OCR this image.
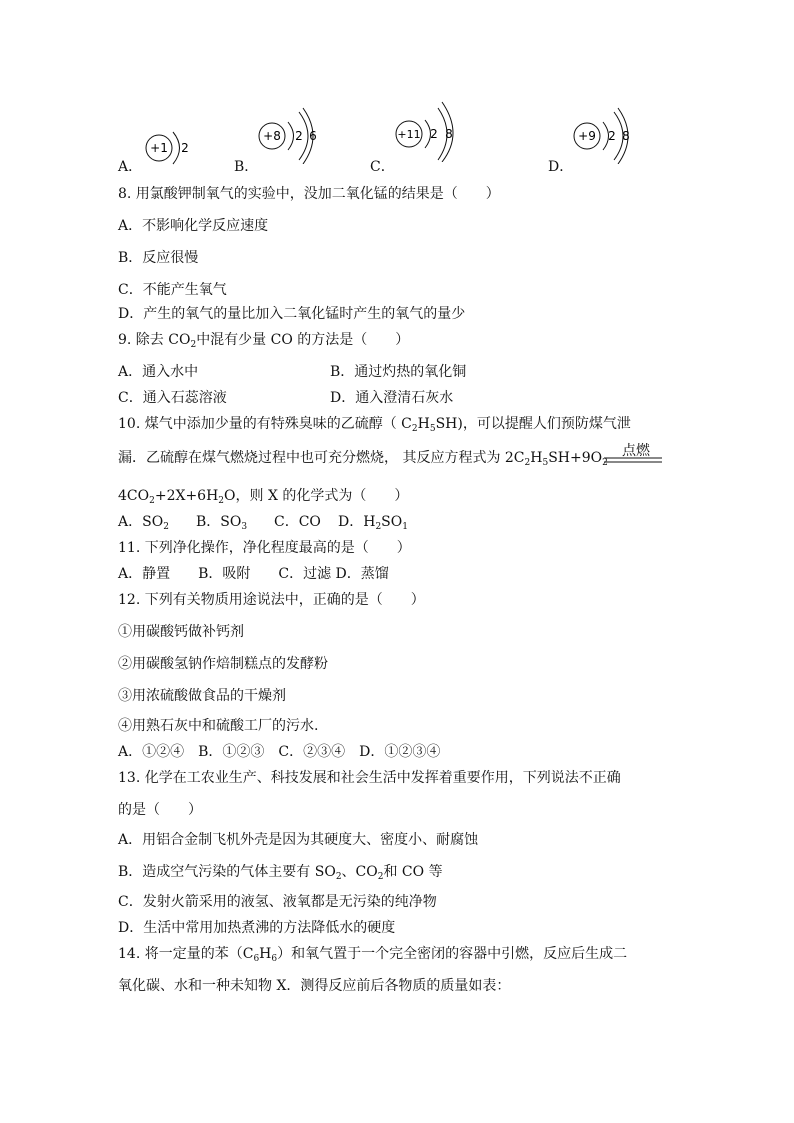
A．
+1 2
B．
+8 2 6
C．
+11 2 8
D．
+9 2 8
8. 用氯酸钾制氧气的实验中，没加二氧化锰的结果是（　　）
A．不影响化学反应速度
B．反应很慢
C．不能产生氧气
D．产生的氧气的量比加入二氧化锰时产生的氧气的量少
9. 除去 $CO_2$中混有少量 CO 的方法是（　　）
A．通入水中	B．通过灼热的氧化铜
C．通入石蕊溶液	D．通入澄清石灰水
10. 煤气中添加少量的有特殊臭味的乙硫醇（ $C_2H_5SH$)，可以提醒人们预防煤气泄
漏．乙硫醇在煤气燃烧过程中也可充分燃烧， 其反应方程式为 $2C_2H_5SH+9O_2$
点燃
$4CO_2+2X+6H_2O$，则 X 的化学式为（　　）
A．$SO_2$ B．$SO_3$ C．CO D．$H_2SO_1$
11. 下列净化操作，净化程度最高的是（　　）
A．静置　　B．吸附　　C．过滤 D．蒸馏
12. 下列有关物质用途说法中，正确的是（　　）
①用碳酸钙做补钙剂
②用碳酸氢钠作焙制糕点的发酵粉
③用浓硫酸做食品的干燥剂
④用熟石灰中和硫酸工厂的污水.
A．①②④　B．①②③　C．②③④　D．①②③④
13. 化学在工农业生产、科技发展和社会生活中发挥着重要作用，下列说法不正确
的是（　　）
A．用铝合金制飞机外壳是因为其硬度大、密度小、耐腐蚀
B．造成空气污染的气体主要有 $SO_2$、$CO_2$和 CO 等
C．发射火箭采用的液氢、液氧都是无污染的纯净物
D．生活中常用加热煮沸的方法降低水的硬度
14. 将一定量的苯$(C_6H_6)$和氧气置于一个完全密闭的容器中引燃，反应后生成二
氧化碳、水和一种未知物 X．测得反应前后各物质的质量如表：
